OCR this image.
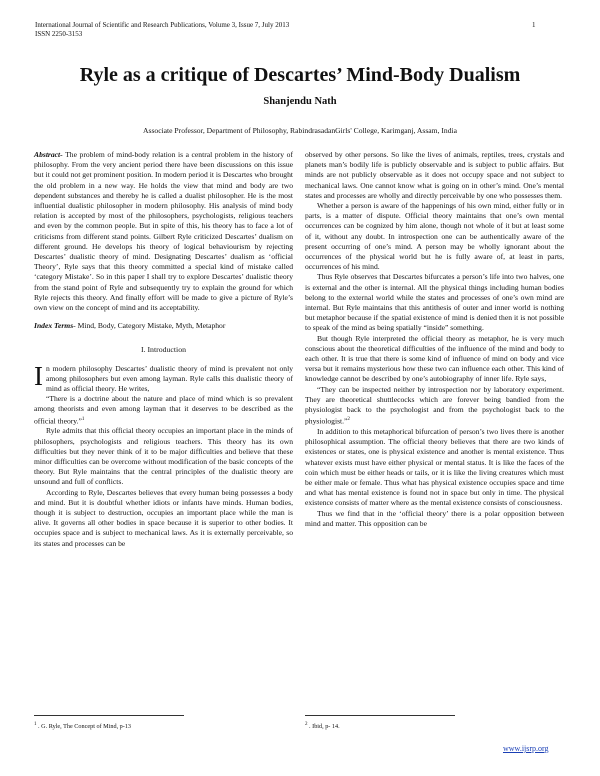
International Journal of Scientific and Research Publications, Volume 3, Issue 7, July 2013
ISSN 2250-3153
1
Ryle as a critique of Descartes’ Mind-Body Dualism
Shanjendu Nath
Associate Professor, Department of Philosophy, RabindrasadanGirls' College, Karimganj, Assam, India

Abstract- The problem of mind-body relation is a central problem in the history of philosophy. From the very ancient period there have been discussions on this issue but it could not get prominent position. In modern period it is Descartes who brought the old problem in a new way. He holds the view that mind and body are two dependent substances and thereby he is called a dualist philosopher. He is the most influential dualistic philosopher in modern philosophy. His analysis of mind body relation is accepted by most of the philosophers, psychologists, religious teachers and even by the common people. But in spite of this, his theory has to face a lot of criticisms from different stand points. Gilbert Ryle criticized Descartes’ dualism on different ground. He develops his theory of logical behaviourism by rejecting Descartes’ dualistic theory of mind. Designating Descartes’ dualism as ‘official Theory’, Ryle says that this theory committed a special kind of mistake called ‘category Mistake’. So in this paper I shall try to explore Descartes’ dualistic theory from the stand point of Ryle and subsequently try to explain the ground for which Ryle rejects this theory. And finally effort will be made to give a picture of Ryle’s own view on the concept of mind and its acceptability.

Index Terms- Mind, Body, Category Mistake, Myth, Metaphor

I. Introduction

In modern philosophy Descartes’ dualistic theory of mind is prevalent not only among philosophers but even among layman. Ryle calls this dualistic theory of mind as official theory. He writes,

“There is a doctrine about the nature and place of mind which is so prevalent among theorists and even among layman that it deserves to be described as the official theory.”$^1$

Ryle admits that this official theory occupies an important place in the minds of philosophers, psychologists and religious teachers. This theory has its own difficulties but they never think of it to be major difficulties and believe that these minor difficulties can be overcome without modification of the basic concepts of the theory. But Ryle maintains that the central principles of the dualistic theory are unsound and full of conflicts.

According to Ryle, Descartes believes that every human being possesses a body and mind. But it is doubtful whether idiots or infants have minds. Human bodies, though it is subject to destruction, occupies an important place while the man is alive. It governs all other bodies in space because it is superior to other bodies. It occupies space and is subject to mechanical laws. As it is externally perceivable, so its states and processes can be

observed by other persons. So like the lives of animals, reptiles, trees, crystals and planets man’s bodily life is publicly observable and is subject to public affairs. But minds are not publicly observable as it does not occupy space and not subject to mechanical laws. One cannot know what is going on in other’s mind. One’s mental states and processes are wholly and directly perceivable by one who possesses them.

Whether a person is aware of the happenings of his own mind, either fully or in parts, is a matter of dispute. Official theory maintains that one’s own mental occurrences can be cognized by him alone, though not whole of it but at least some of it, without any doubt. In introspection one can be authentically aware of the present occurring of one’s mind. A person may be wholly ignorant about the occurrences of the physical world but he is fully aware of, at least in parts, occurrences of his mind.

Thus Ryle observes that Descartes bifurcates a person’s life into two halves, one is external and the other is internal. All the physical things including human bodies belong to the external world while the states and processes of one’s own mind are internal. But Ryle maintains that this antithesis of outer and inner world is nothing but metaphor because if the spatial existence of mind is denied then it is not possible to speak of the mind as being spatially “inside” something.

But though Ryle interpreted the official theory as metaphor, he is very much conscious about the theoretical difficulties of the influence of the mind and body to each other. It is true that there is some kind of influence of mind on body and vice versa but it remains mysterious how these two can influence each other. This kind of knowledge cannot be described by one’s autobiography of inner life. Ryle says,

“They can be inspected neither by introspection nor by laboratory experiment. They are theoretical shuttlecocks which are forever being bandied from the physiologist back to the psychologist and from the psychologist back to the physiologist.”$^2$

In addition to this metaphorical bifurcation of person’s two lives there is another philosophical assumption. The official theory believes that there are two kinds of existences or states, one is physical existence and another is mental existence. Thus whatever exists must have either physical or mental status. It is like the faces of the coin which must be either heads or tails, or it is like the living creatures which must be either male or female. Thus what has physical existence occupies space and time and what has mental existence is found not in space but only in time. The physical existence consists of matter where as the mental existence consists of consciousness.

Thus we find that in the ‘official theory’ there is a polar opposition between mind and matter. This opposition can be

$^1$ . G. Ryle, The Concept of Mind, p-13	$^2$ . Ibid, p- 14.
www.ijsrp.org
